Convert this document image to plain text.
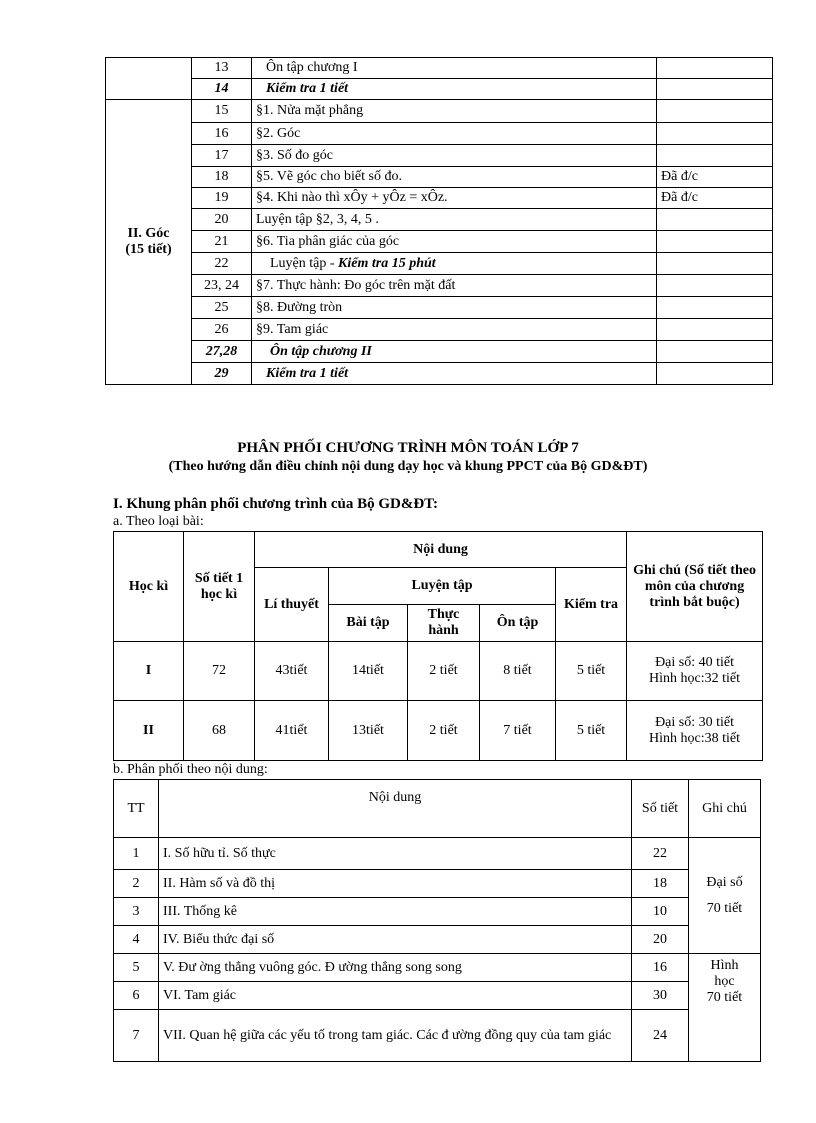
	13	Ôn tập chương I	
	14	Kiểm tra 1 tiết	

II. Góc
(15 tiết)	15	§1. Nửa mặt phẳng	
	16	§2. Góc	
	17	§3. Số đo góc	
	18	§5. Vẽ góc cho biết số đo.	Đã đ/c
	19	§4. Khi nào thì xÔy + yÔz = xÔz.	Đã đ/c
	20	Luyện tập §2, 3, 4, 5 .	
	21	§6. Tia phân giác của góc	
	22	Luyện tập - Kiểm tra 15 phút	
	23, 24	§7. Thực hành: Đo góc trên mặt đất	
	25	§8. Đường tròn	
	26	§9. Tam giác	
	27,28	Ôn tập chương II	
	29	Kiểm tra 1 tiết	
PHÂN PHỐI CHƯƠNG TRÌNH MÔN TOÁN LỚP 7
(Theo hướng dẫn điều chỉnh nội dung dạy học và khung PPCT của Bộ GD&ĐT)
I. Khung phân phối chương trình của Bộ GD&ĐT:
a. Theo loại bài:
Học kì	Số tiết 1 học kì	Nội dung					Ghi chú (Số tiết theo môn của chương trình bắt buộc)
		Lí thuyết	Luyện tập			Kiểm tra	
			Bài tập	Thực hành	Ôn tập		
I	72	43tiết	14tiết	2 tiết	8 tiết	5 tiết	Đại số: 40 tiết
Hình học:32 tiết

II	68	41tiết	13tiết	2 tiết	7 tiết	5 tiết	Đại số: 30 tiết
Hình học:38 tiết
b. Phân phối theo nội dung:
TT	Nội dung	Số tiết	Ghi chú
1	I. Số hữu tỉ. Số thực	22	Đại số
70 tiết

2	II. Hàm số và đồ thị	18	
3	III. Thống kê	10	
4	IV. Biểu thức đại số	20	
5	V. Đư ờng thẳng vuông góc. Đ ường thẳng song song	16	Hình
học
70 tiết

6	VI. Tam giác	30	
7	VII. Quan hệ giữa các yếu tố trong tam giác. Các đ ường đồng quy của tam giác	24	
